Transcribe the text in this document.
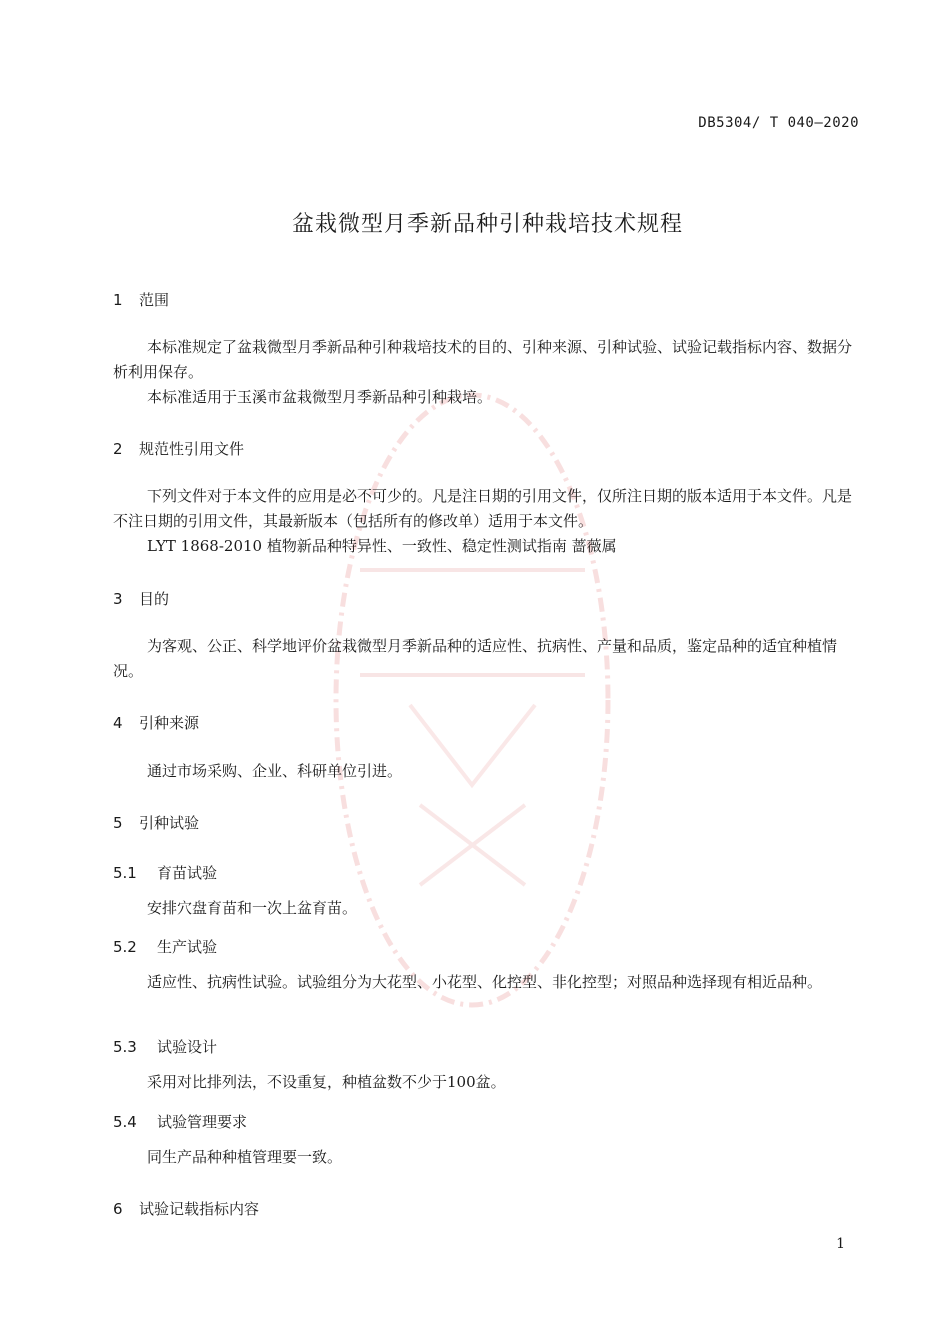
DB5304/ T 040—2020
盆栽微型月季新品种引种栽培技术规程
1 范围

本标准规定了盆栽微型月季新品种引种栽培技术的目的、引种来源、引种试验、试验记载指标内容、数据分析利用保存。

本标准适用于玉溪市盆栽微型月季新品种引种栽培。

2 规范性引用文件

下列文件对于本文件的应用是必不可少的。凡是注日期的引用文件，仅所注日期的版本适用于本文件。凡是不注日期的引用文件，其最新版本（包括所有的修改单）适用于本文件。

LYT 1868-2010 植物新品种特异性、一致性、稳定性测试指南 蔷薇属

3 目的

为客观、公正、科学地评价盆栽微型月季新品种的适应性、抗病性、产量和品质，鉴定品种的适宜种植情况。

4 引种来源

通过市场采购、企业、科研单位引进。

5 引种试验
5.1 育苗试验

安排穴盘育苗和一次上盆育苗。

5.2 生产试验

适应性、抗病性试验。试验组分为大花型、小花型、化控型、非化控型；对照品种选择现有相近品种。

5.3 试验设计

采用对比排列法，不设重复，种植盆数不少于100盆。

5.4 试验管理要求

同生产品种种植管理要一致。

6 试验记载指标内容
1
